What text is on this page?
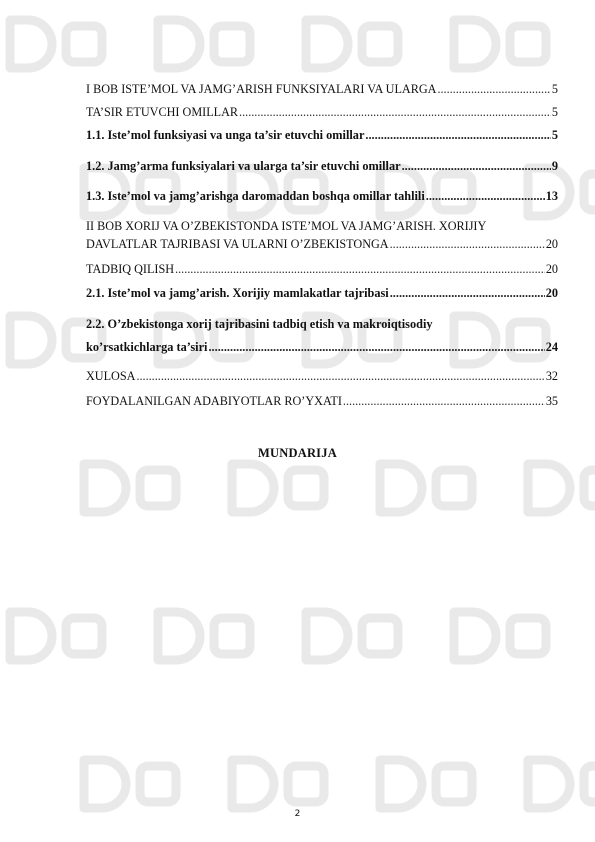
I BOB ISTE’MOL VA JAMG’ARISH FUNKSIYALARI VA ULARGA .....	5
TA’SIR ETUVCHI OMILLAR .....	5
1.1. Iste’mol funksiyasi va unga ta’sir etuvchi omillar .....	5
1.2. Jamg’arma funksiyalari va ularga ta’sir etuvchi omillar .....	9
1.3. Iste’mol va jamg’arishga daromaddan boshqa omillar tahlili .....	13
II BOB XORIJ VA O’ZBEKISTONDA ISTE’MOL VA JAMG’ARISH. XORIJIY
DAVLATLAR TAJRIBASI VA ULARNI O’ZBEKISTONGA .....	20
TADBIQ QILISH .....	20
2.1. Iste’mol va jamg’arish. Xorijiy mamlakatlar tajribasi .....	20
2.2. O’zbekistonga xorij tajribasini tadbiq etish va makroiqtisodiy
ko’rsatkichlarga ta’siri .....	24
XULOSA .....	32
FOYDALANILGAN ADABIYOTLAR RO’YXATI .....	35
MUNDARIJA
2
